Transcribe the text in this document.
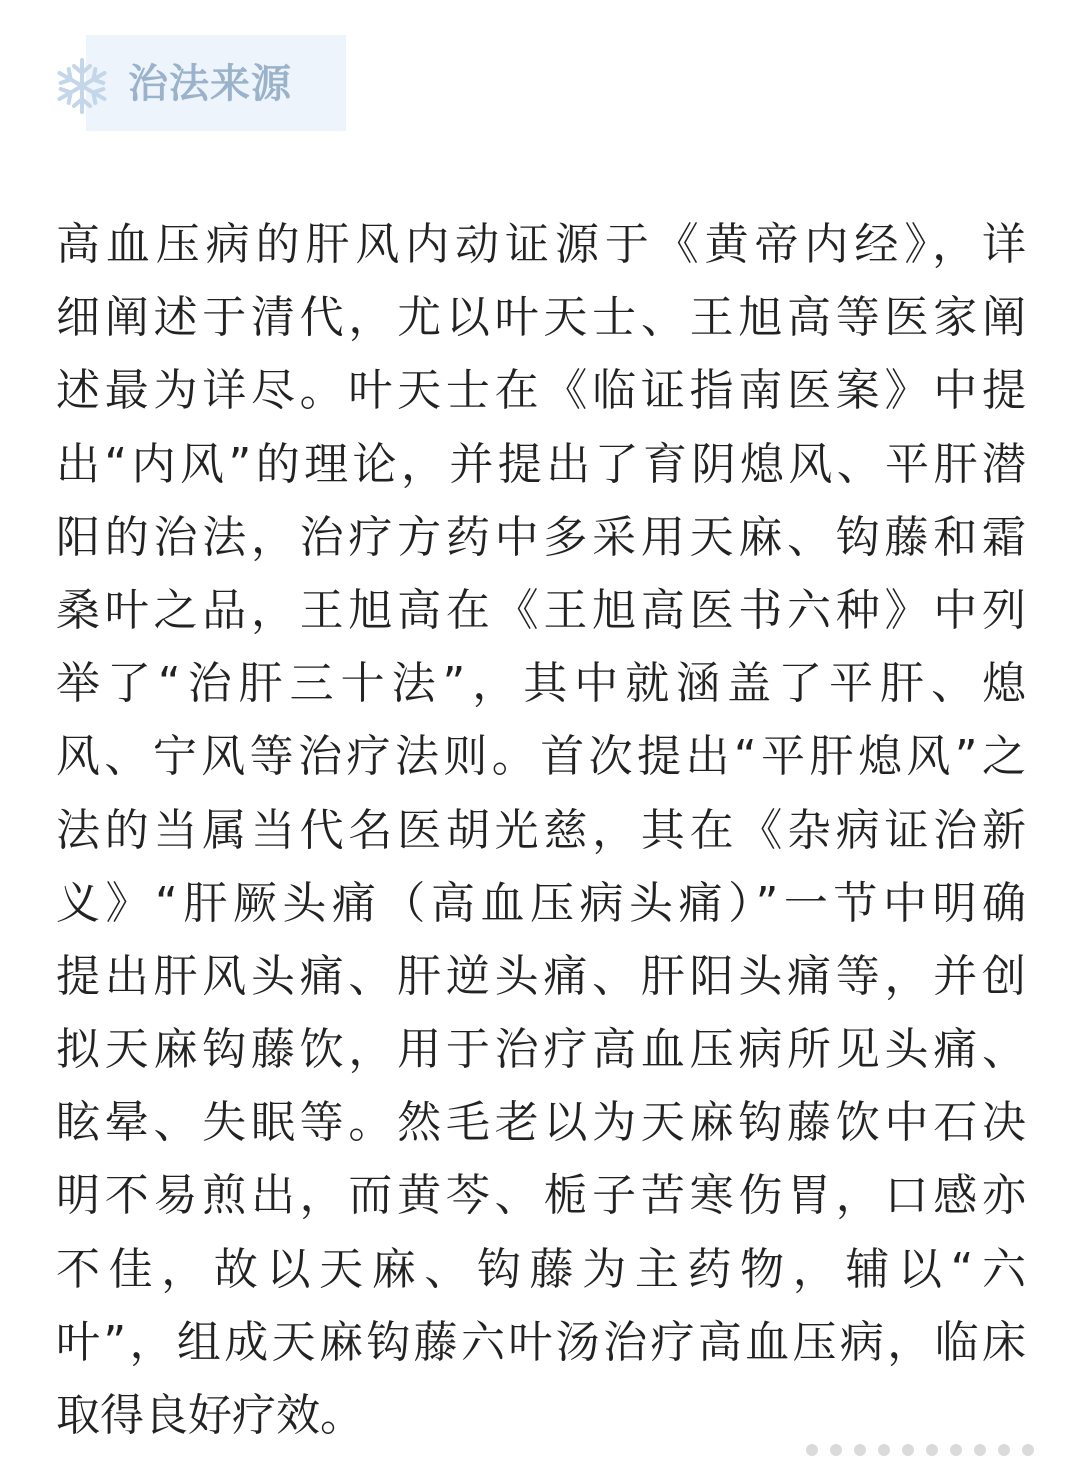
治法来源
高血压病的肝风内动证源于《黄帝内经》，详
细阐述于清代，尤以叶天士、王旭高等医家阐
述最为详尽。叶天士在《临证指南医案》中提
出“内风”的理论，并提出了育阴熄风、平肝潜
阳的治法，治疗方药中多采用天麻、钩藤和霜
桑叶之品，王旭高在《王旭高医书六种》中列
举了“治肝三十法”，其中就涵盖了平肝、熄
风、宁风等治疗法则。首次提出“平肝熄风”之
法的当属当代名医胡光慈，其在《杂病证治新
义》“肝厥头痛（高血压病头痛）”一节中明确
提出肝风头痛、肝逆头痛、肝阳头痛等，并创
拟天麻钩藤饮，用于治疗高血压病所见头痛、
眩晕、失眠等。然毛老以为天麻钩藤饮中石决
明不易煎出，而黄芩、栀子苦寒伤胃，口感亦
不佳，故以天麻、钩藤为主药物，辅以“六
叶”，组成天麻钩藤六叶汤治疗高血压病，临床
取得良好疗效。
